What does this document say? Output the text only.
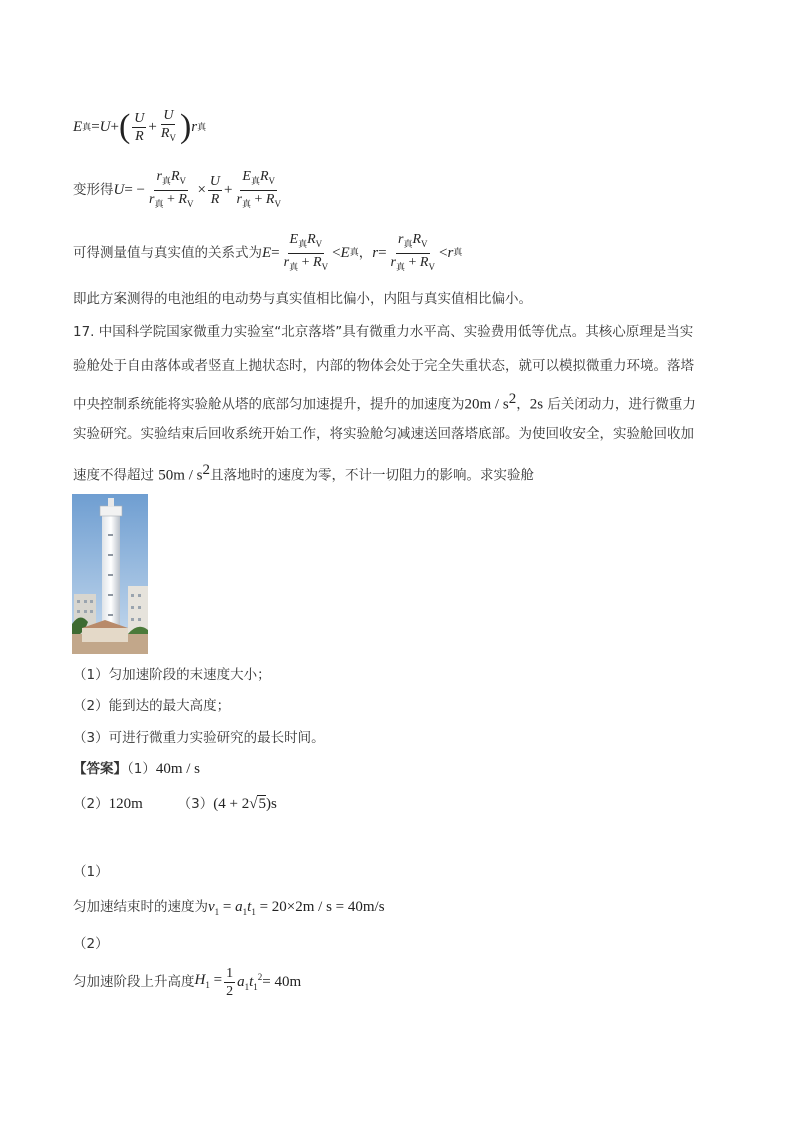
E 真 = U + ( $\frac{U}{R} + \frac{U}{R_V}$ ) r 真
变形得 U = − $\frac{r_真R_V}{r_真 + R_V} \times \frac{U}{R} + \frac{E_真R_V}{r_真 + R_V}$
可得测量值与真实值的关系式为 $E = \frac{E_真R_V}{r_真 + R_V} < E$ 真 ， $r = \frac{r_真R_V}{r_真 + R_V} < r$ 真
即此方案测得的电池组的电动势与真实值相比偏小，内阻与真实值相比偏小。
17. 中国科学院国家微重力实验室“北京落塔”具有微重力水平高、实验费用低等优点。其核心原理是当实
验舱处于自由落体或者竖直上抛状态时，内部的物体会处于完全失重状态，就可以模拟微重力环境。落塔
中央控制系统能将实验舱从塔的底部匀加速提升，提升的加速度为$20m / s^2$，2s 后关闭动力，进行微重力
实验研究。实验结束后回收系统开始工作，将实验舱匀减速送回落塔底部。为使回收安全，实验舱回收加
速度不得超过 $50m / s^2$且落地时的速度为零，不计一切阻力的影响。求实验舱
（1）匀加速阶段的末速度大小；
（2）能到达的最大高度；
（3）可进行微重力实验研究的最长时间。
【答案】（1）40m / s
（2）120m	（3）(4 + 2√5)s
（1）
匀加速结束时的速度为$v_1 = a_1t_1 = 20\times 2m / s = 40m/s$
（2）
匀加速阶段上升高度 $H_1 = \frac{1}{2} a_1t_1^2 = 40m$
